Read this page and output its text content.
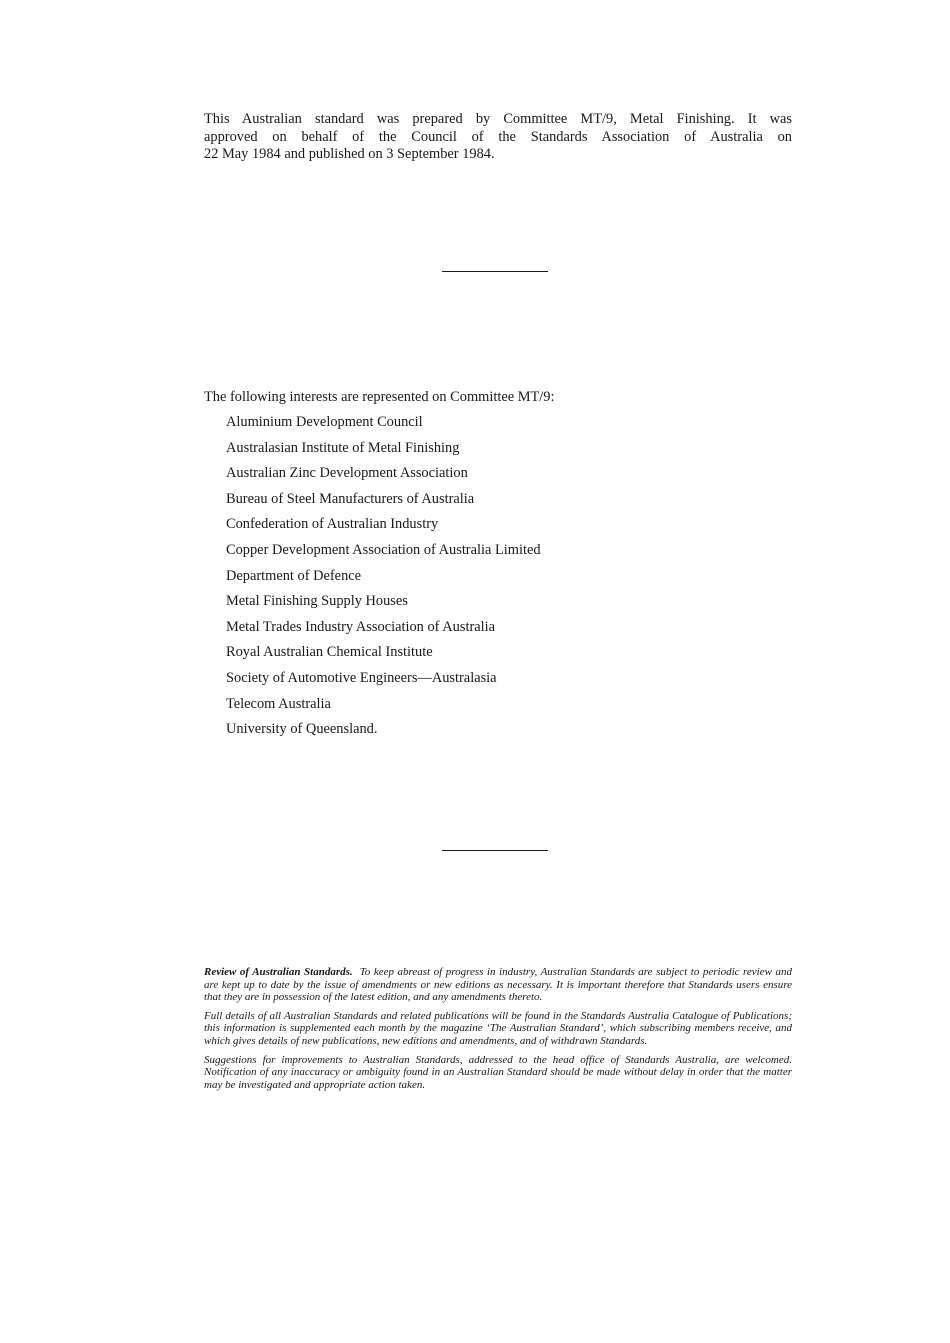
This Australian standard was prepared by Committee MT/9, Metal Finishing. It was
approved on behalf of the Council of the Standards Association of Australia on
22 May 1984 and published on 3 September 1984.

The following interests are represented on Committee MT/9:

Aluminium Development Council
Australasian Institute of Metal Finishing
Australian Zinc Development Association
Bureau of Steel Manufacturers of Australia
Confederation of Australian Industry
Copper Development Association of Australia Limited
Department of Defence
Metal Finishing Supply Houses
Metal Trades Industry Association of Australia
Royal Australian Chemical Institute
Society of Automotive Engineers—Australasia
Telecom Australia
University of Queensland.

Review of Australian Standards. To keep abreast of progress in industry, Australian Standards are subject to periodic review and are kept up to date by the issue of amendments or new editions as necessary. It is important therefore that Standards users ensure that they are in possession of the latest edition, and any amendments thereto.

Full details of all Australian Standards and related publications will be found in the Standards Australia Catalogue of Publications; this information is supplemented each month by the magazine ‘The Australian Standard’, which subscribing members receive, and which gives details of new publications, new editions and amendments, and of withdrawn Standards.

Suggestions for improvements to Australian Standards, addressed to the head office of Standards Australia, are welcomed. Notification of any inaccuracy or ambiguity found in an Australian Standard should be made without delay in order that the matter may be investigated and appropriate action taken.
